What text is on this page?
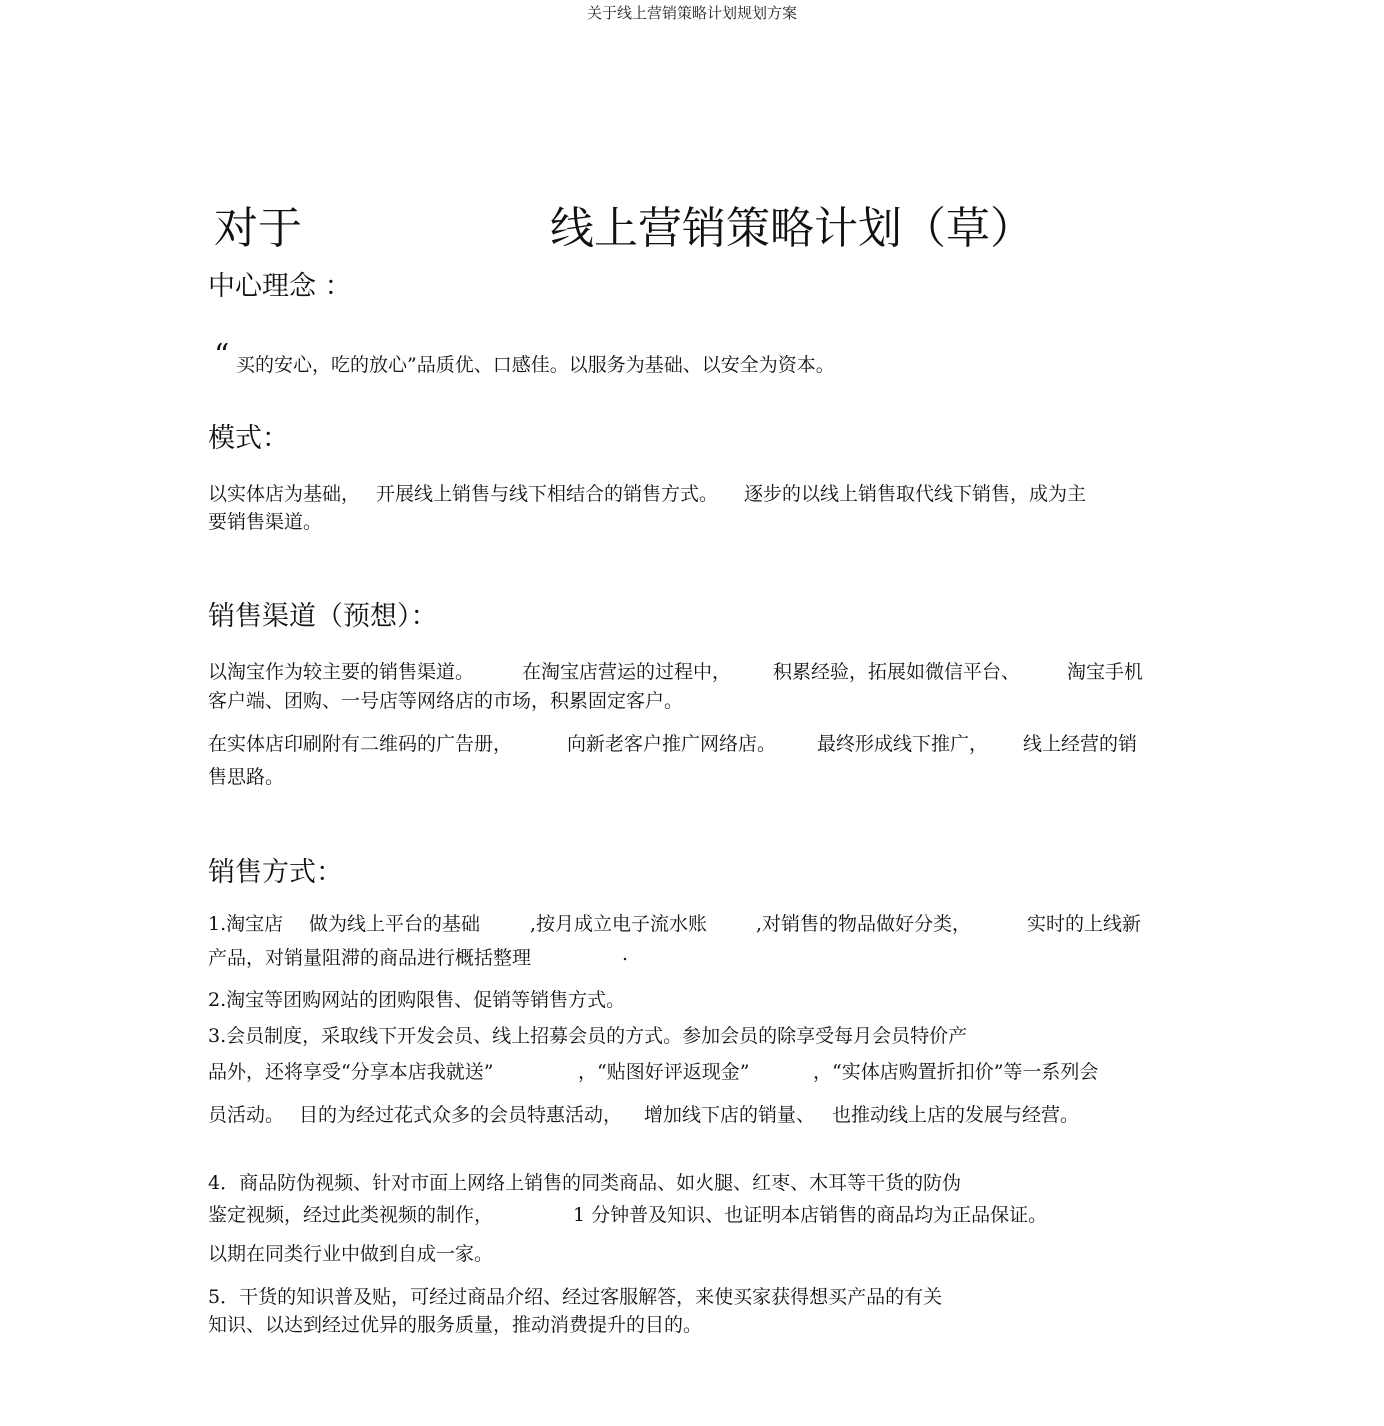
关于线上营销策略计划规划方案
对于	线上营销策略计划（草）
中心理念 ：
“ 买的安心，吃的放心”品质优、口感佳。以服务为基础、以安全为资本。
模式：
以实体店为基础， 开展线上销售与线下相结合的销售方式。 逐步的以线上销售取代线下销售，成为主
要销售渠道。
销售渠道（预想）：
以淘宝作为较主要的销售渠道。	在淘宝店营运的过程中， 积累经验，拓展如微信平台、 淘宝手机
客户端、团购、一号店等网络店的市场，积累固定客户。
在实体店印刷附有二维码的广告册，	向新老客户推广网络店。 最终形成线下推广， 线上经营的销
售思路。
销售方式：
1.淘宝店 做为线上平台的基础	,按月成立电子流水账	,对销售的物品做好分类，	实时的上线新
产品，对销量阻滞的商品进行概括整理	.
2.淘宝等团购网站的团购限售、促销等销售方式。
3.会员制度，采取线下开发会员、线上招募会员的方式。参加会员的除享受每月会员特价产
品外，还将享受“分享本店我就送”	，“贴图好评返现金”	，“实体店购置折扣价”等一系列会
员活动。 目的为经过花式众多的会员特惠活动， 增加线下店的销量、 也推动线上店的发展与经营。
4．商品防伪视频、针对市面上网络上销售的同类商品、如火腿、红枣、木耳等干货的防伪
鉴定视频，经过此类视频的制作，	1 分钟普及知识、也证明本店销售的商品均为正品保证。
以期在同类行业中做到自成一家。
5．干货的知识普及贴，可经过商品介绍、经过客服解答，来使买家获得想买产品的有关
知识、以达到经过优异的服务质量，推动消费提升的目的。
